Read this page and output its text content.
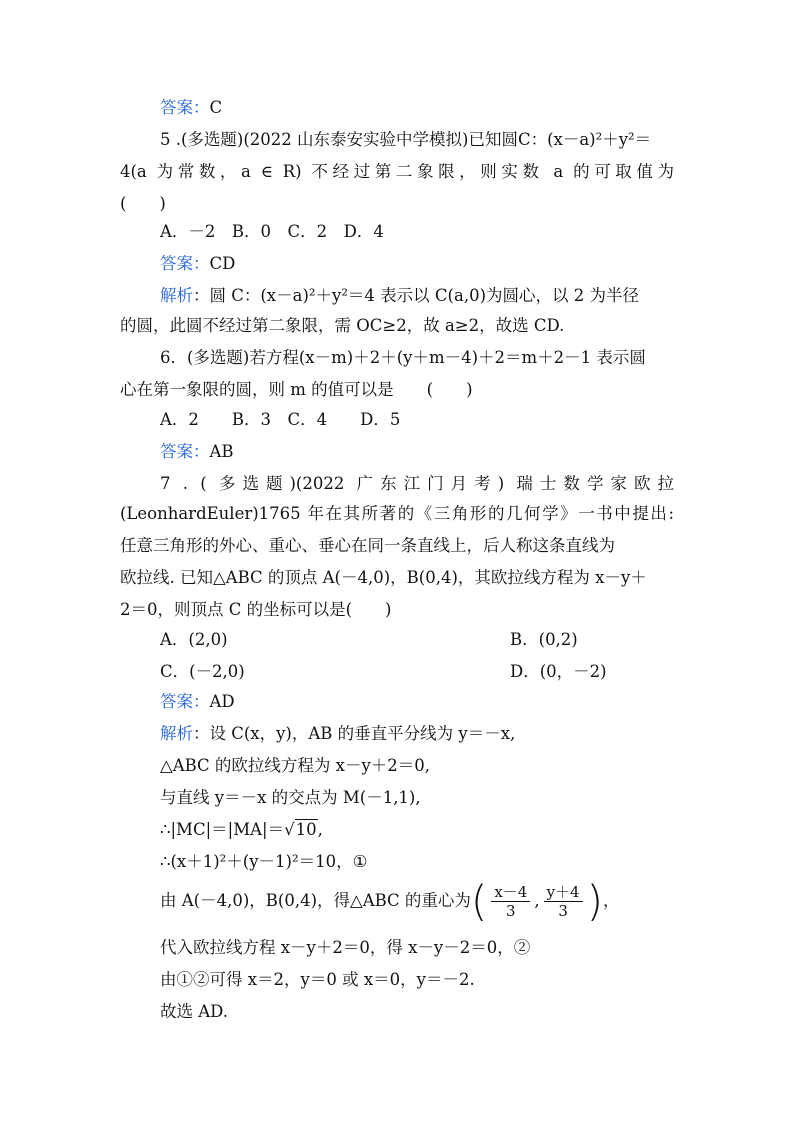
答案：C
5 .(多选题)(2022 山东泰安实验中学模拟)已知圆C：(x－a)²＋y²＝
4(a 为常数，a ∈ R) 不经过第二象限，则实数 a 的可取值为
(　　)
A．－2　B．0　C．2　D．4
答案：CD
解析：圆 C：(x－a)²＋y²＝4 表示以 C(a,0)为圆心，以 2 为半径
的圆，此圆不经过第二象限，需 OC≥2，故 a≥2，故选 CD.
6．(多选题)若方程(x－m)＋2＋(y＋m－4)＋2＝m＋2－1 表示圆
心在第一象限的圆，则 m 的值可以是　　(　　)
A．2　　B．3　C．4　　D．5
答案：AB
7 . ( 多选题)(2022 广东江门月考) 瑞士数学家欧拉
(LeonhardEuler)1765 年在其所著的《三角形的几何学》一书中提出:
任意三角形的外心、重心、垂心在同一条直线上，后人称这条直线为
欧拉线. 已知△ABC 的顶点 A(－4,0)，B(0,4)，其欧拉线方程为 x－y＋
2＝0，则顶点 C 的坐标可以是(　　)
A．(2,0)	B．(0,2)
C．(－2,0)	D．(0，－2)
答案：AD
解析：设 C(x，y)，AB 的垂直平分线为 y＝－x,
△ABC 的欧拉线方程为 x－y＋2＝0,
与直线 y＝－x 的交点为 M(－1,1),
∴|MC|＝|MA|＝√10,
∴(x＋1)²＋(y－1)²＝10，①
由 A(－4,0)，B(0,4)，得△ABC 的重心为( $\frac{x-4}{3}$ , $\frac{y+4}{3}$ )，
代入欧拉线方程 x－y＋2＝0，得 x－y－2＝0，②
由①②可得 x＝2，y＝0 或 x＝0，y＝－2.
故选 AD.
